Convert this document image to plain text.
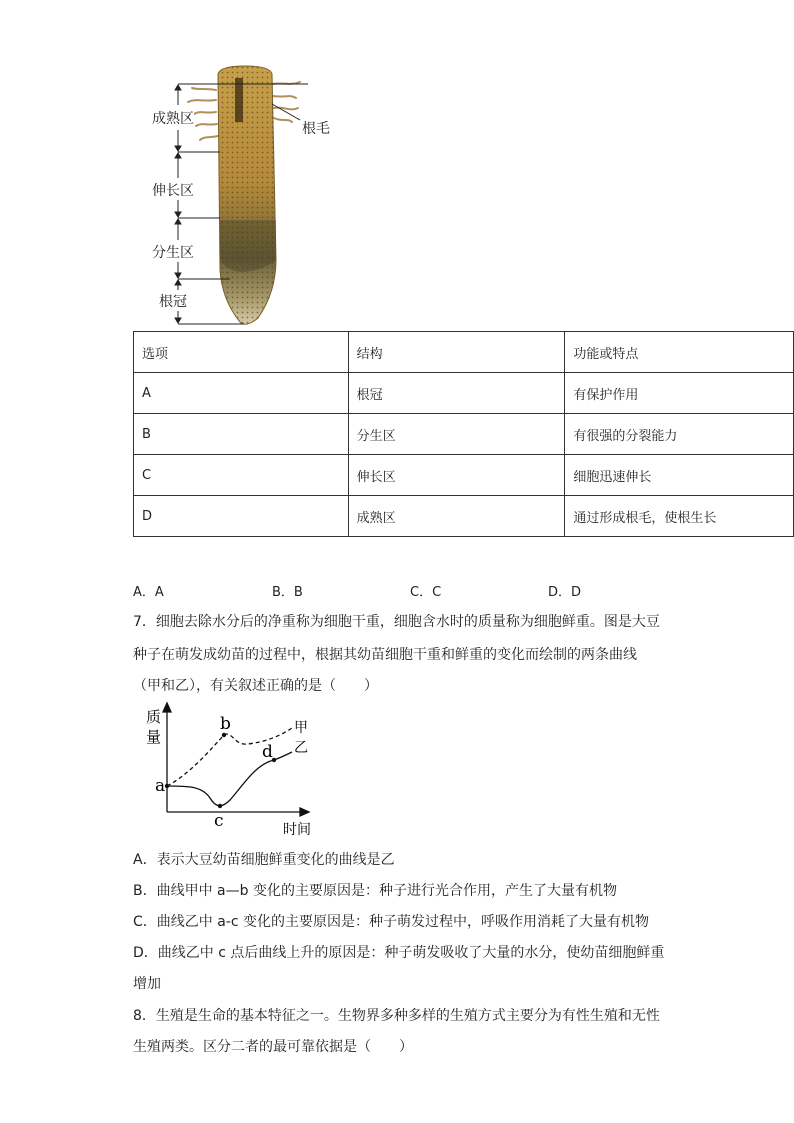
成熟区
伸长区
分生区
根冠
根毛
选项	结构	功能或特点
A	根冠	有保护作用
B	分生区	有很强的分裂能力
C	伸长区	细胞迅速伸长
D	成熟区	通过形成根毛，使根生长
A．A	B．B	C．C	D．D
7．细胞去除水分后的净重称为细胞干重，细胞含水时的质量称为细胞鲜重。图是大豆
种子在萌发成幼苗的过程中，根据其幼苗细胞干重和鲜重的变化而绘制的两条曲线
（甲和乙），有关叙述正确的是（　　）
质
量
时间
a
b
c
d
甲
乙
A．表示大豆幼苗细胞鲜重变化的曲线是乙
B．曲线甲中 a—b 变化的主要原因是：种子进行光合作用，产生了大量有机物
C．曲线乙中 a-c 变化的主要原因是：种子萌发过程中，呼吸作用消耗了大量有机物
D．曲线乙中 c 点后曲线上升的原因是：种子萌发吸收了大量的水分，使幼苗细胞鲜重
增加
8．生殖是生命的基本特征之一。生物界多种多样的生殖方式主要分为有性生殖和无性
生殖两类。区分二者的最可靠依据是（　　）
